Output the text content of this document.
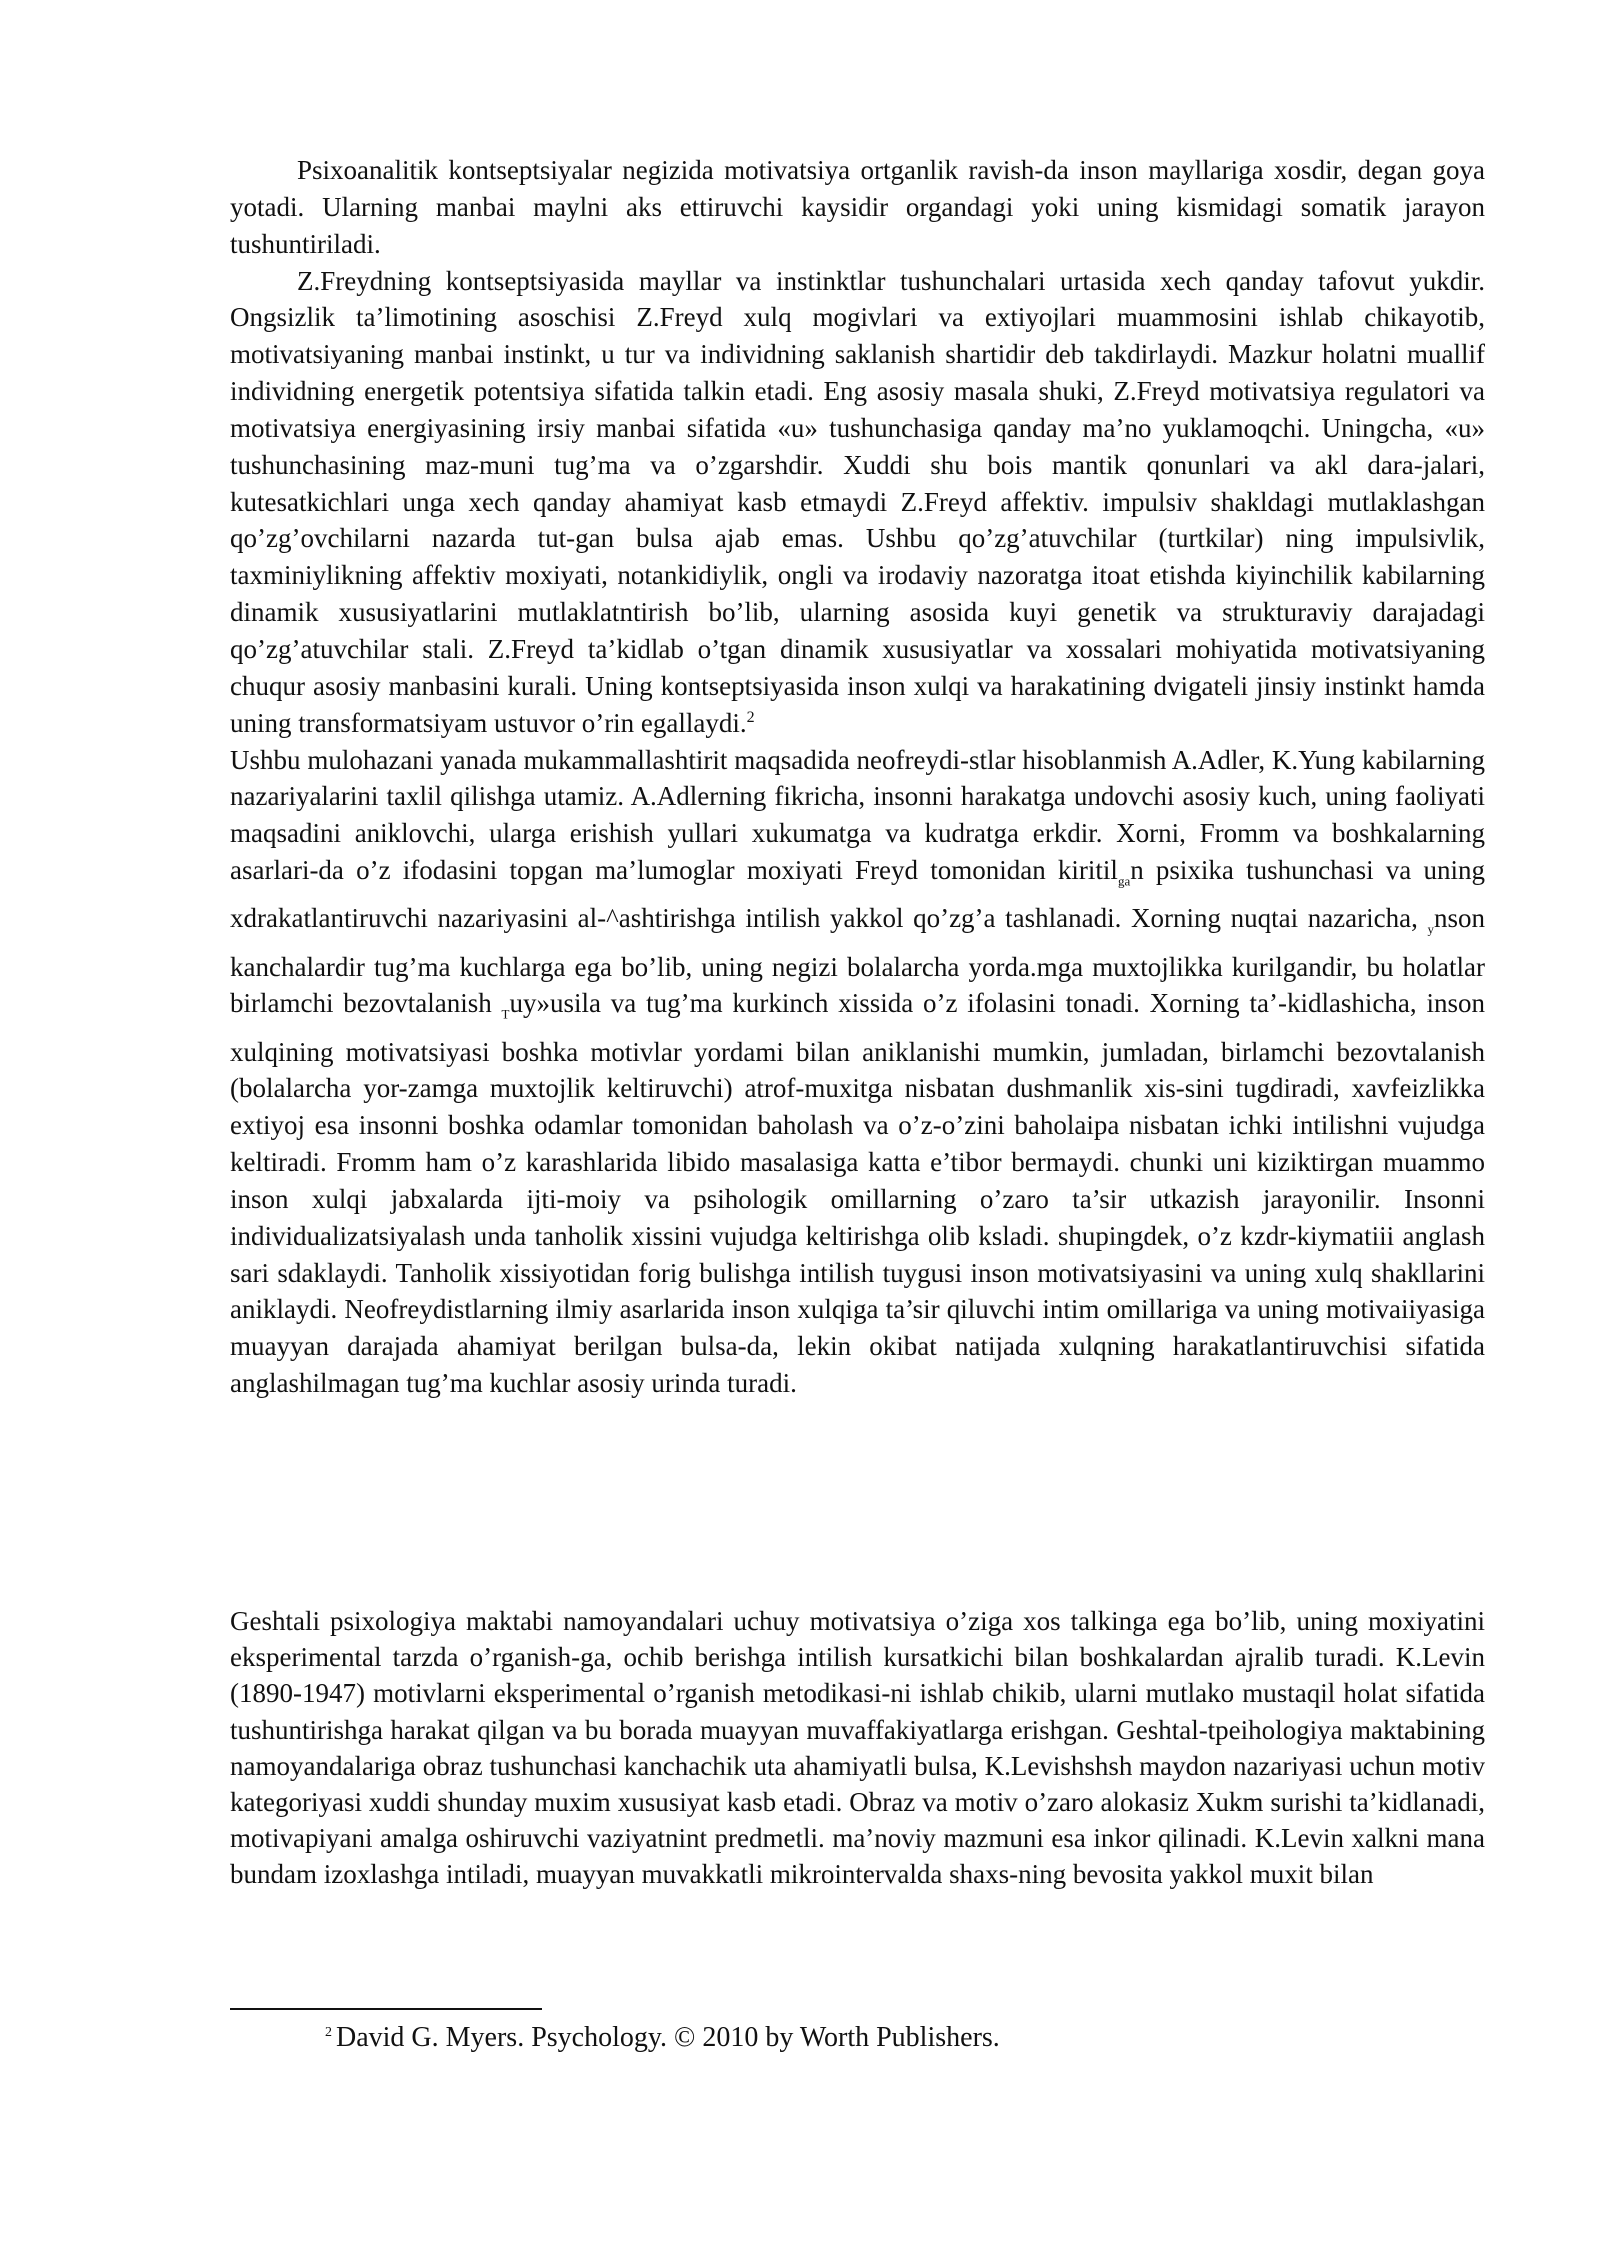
Psixoanalitik kontseptsiyalar negizida motivatsiya ortganlik ravish-da inson mayllariga xosdir, degan goya yotadi. Ularning manbai maylni aks ettiruvchi kaysidir organdagi yoki uning kismidagi somatik jarayon tushuntiriladi.

Z.Freydning kontseptsiyasida mayllar va instinktlar tushunchalari urtasida xech qanday tafovut yukdir. Ongsizlik ta’limotining asoschisi Z.Freyd xulq mogivlari va extiyojlari muammosini ishlab chikayotib, motivatsiyaning manbai instinkt, u tur va individning saklanish shartidir deb takdirlaydi. Mazkur holatni muallif individning energetik potentsiya sifatida talkin etadi. Eng asosiy masala shuki, Z.Freyd motivatsiya regulatori va motivatsiya energiyasining irsiy manbai sifatida «u» tushunchasiga qanday ma’no yuklamoqchi. Uningcha, «u» tushunchasining maz-muni tug’ma va o’zgarshdir. Xuddi shu bois mantik qonunlari va akl dara-jalari, kutesatkichlari unga xech qanday ahamiyat kasb etmaydi Z.Freyd affektiv. impulsiv shakldagi mutlaklashgan qo’zg’ovchilarni nazarda tut-gan bulsa ajab emas. Ushbu qo’zg’atuvchilar (turtkilar) ning impulsivlik, taxminiylikning affektiv moxiyati, notankidiylik, ongli va irodaviy nazoratga itoat etishda kiyinchilik kabilarning dinamik xususiyatlarini mutlaklatntirish bo’lib, ularning asosida kuyi genetik va strukturaviy darajadagi qo’zg’atuvchilar stali. Z.Freyd ta’kidlab o’tgan dinamik xususiyatlar va xossalari mohiyatida motivatsiyaning chuqur asosiy manbasini kurali. Uning kontseptsiyasida inson xulqi va harakatining dvigateli jinsiy instinkt hamda uning transformatsiyam ustuvor o’rin egallaydi.$^2$

Ushbu mulohazani yanada mukammallashtirit maqsadida neofreydi-stlar hisoblanmish A.Adler, K.Yung kabilarning nazariyalarini taxlil qilishga utamiz. A.Adlerning fikricha, insonni harakatga undovchi asosiy kuch, uning faoliyati maqsadini aniklovchi, ularga erishish yullari xukumatga va kudratga erkdir. Xorni, Fromm va boshkalarning asarlari-da o’z ifodasini topgan ma’lumoglar moxiyati Freyd tomonidan kiritil$_{ga}$n psixika tushunchasi va uning xdrakatlantiruvchi nazariyasini al-^ashtirishga intilish yakkol qo’zg’a tashlanadi. Xorning nuqtai nazaricha, $_y$nson kanchalardir tug’ma kuchlarga ega bo’lib, uning negizi bolalarcha yorda.mga muxtojlikka kurilgandir, bu holatlar birlamchi bezovtalanish $_T$uy»usila va tug’ma kurkinch xissida o’z ifolasini tonadi. Xorning ta’-kidlashicha, inson xulqining motivatsiyasi boshka motivlar yordami bilan aniklanishi mumkin, jumladan, birlamchi bezovtalanish (bolalarcha yor-zamga muxtojlik keltiruvchi) atrof-muxitga nisbatan dushmanlik xis-sini tugdiradi, xavfeizlikka extiyoj esa insonni boshka odamlar tomonidan baholash va o’z-o’zini baholaipa nisbatan ichki intilishni vujudga keltiradi. Fromm ham o’z karashlarida libido masalasiga katta e’tibor bermaydi. chunki uni kiziktirgan muammo inson xulqi jabxalarda ijti-moiy va psihologik omillarning o’zaro ta’sir utkazish jarayonilir. Insonni individualizatsiyalash unda tanholik xissini vujudga keltirishga olib ksladi. shupingdek, o’z kzdr-kiymatiii anglash sari sdaklaydi. Tanholik xissiyotidan forig bulishga intilish tuygusi inson motivatsiyasini va uning xulq shakllarini aniklaydi. Neofreydistlarning ilmiy asarlarida inson xulqiga ta’sir qiluvchi intim omillariga va uning motivaiiyasiga muayyan darajada ahamiyat berilgan bulsa-da, lekin okibat natijada xulqning harakatlantiruvchisi sifatida anglashilmagan tug’ma kuchlar asosiy urinda turadi.

Geshtali psixologiya maktabi namoyandalari uchuy motivatsiya o’ziga xos talkinga ega bo’lib, uning moxiyatini eksperimental tarzda o’rganish-ga, ochib berishga intilish kursatkichi bilan boshkalardan ajralib turadi. K.Levin (1890-1947) motivlarni eksperimental o’rganish metodikasi-ni ishlab chikib, ularni mutlako mustaqil holat sifatida tushuntirishga harakat qilgan va bu borada muayyan muvaffakiyatlarga erishgan. Geshtal-tpeihologiya maktabining namoyandalariga obraz tushunchasi kanchachik uta ahamiyatli bulsa, K.Levishshsh maydon nazariyasi uchun motiv kategoriyasi xuddi shunday muxim xususiyat kasb etadi. Obraz va motiv o’zaro alokasiz Xukm surishi ta’kidlanadi, motivapiyani amalga oshiruvchi vaziyatnint predmetli. ma’noviy mazmuni esa inkor qilinadi. K.Levin xalkni mana bundam izoxlashga intiladi, muayyan muvakkatli mikrointervalda shaxs-ning bevosita yakkol muxit bilan

$^2$ David G. Myers. Psychology. © 2010 by Worth Publishers.
